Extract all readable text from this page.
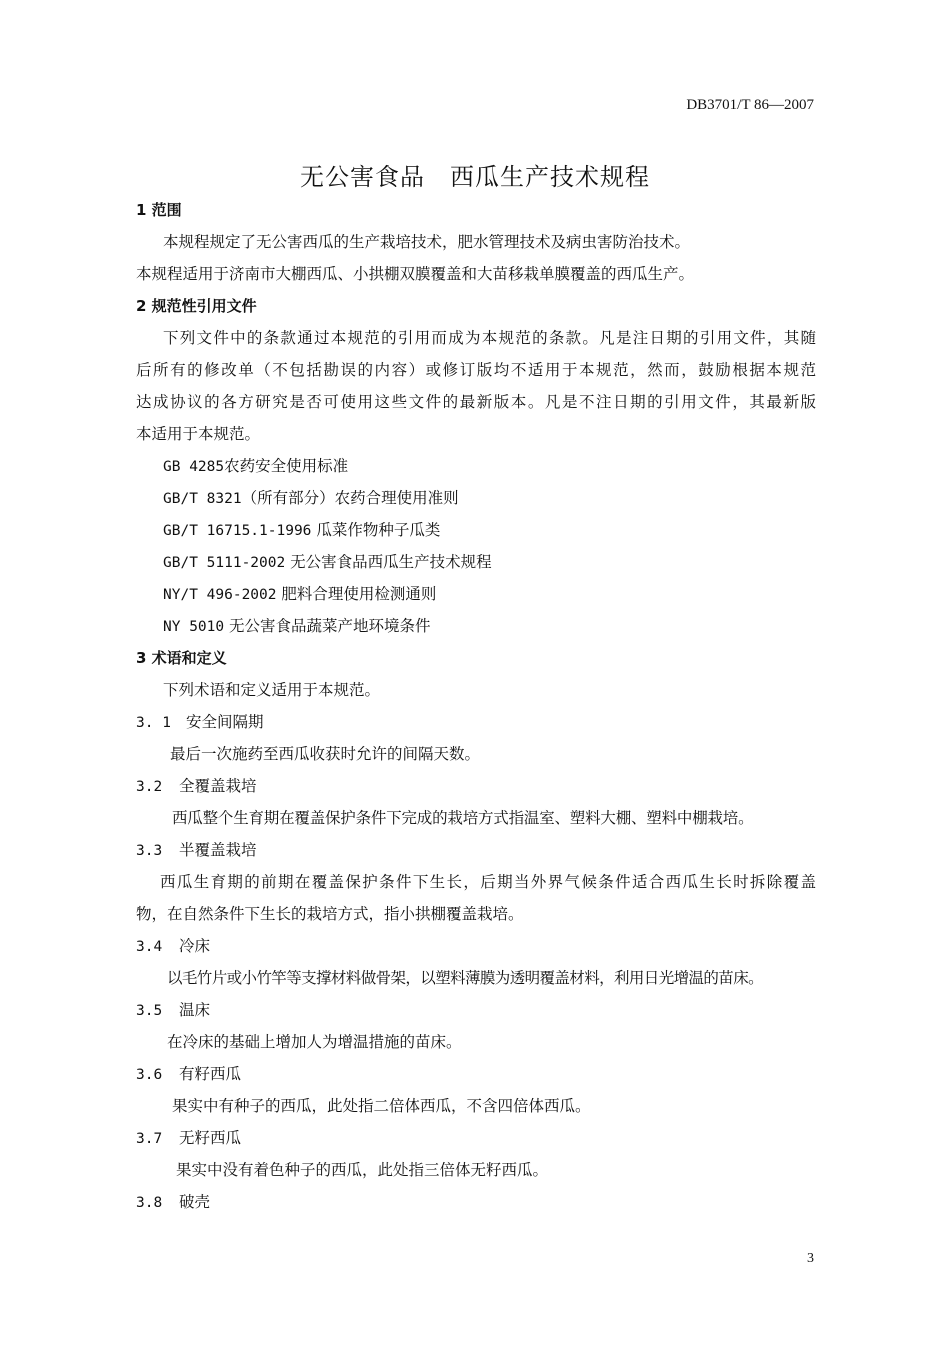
DB3701/T 86—2007
无公害食品　西瓜生产技术规程
1 范围
本规程规定了无公害西瓜的生产栽培技术，肥水管理技术及病虫害防治技术。
本规程适用于济南市大棚西瓜、小拱棚双膜覆盖和大苗移栽单膜覆盖的西瓜生产。
2 规范性引用文件
下列文件中的条款通过本规范的引用而成为本规范的条款。凡是注日期的引用文件，其随
后所有的修改单（不包括勘误的内容）或修订版均不适用于本规范，然而，鼓励根据本规范
达成协议的各方研究是否可使用这些文件的最新版本。凡是不注日期的引用文件，其最新版
本适用于本规范。
GB 4285农药安全使用标准
GB/T 8321（所有部分）农药合理使用准则
GB/T 16715.1-1996 瓜菜作物种子瓜类
GB/T 5111-2002 无公害食品西瓜生产技术规程
NY/T 496-2002 肥料合理使用检测通则
NY 5010 无公害食品蔬菜产地环境条件
3 术语和定义
下列术语和定义适用于本规范。
3. 1 安全间隔期
最后一次施药至西瓜收获时允许的间隔天数。
3.2 全覆盖栽培
西瓜整个生育期在覆盖保护条件下完成的栽培方式指温室、塑料大棚、塑料中棚栽培。
3.3 半覆盖栽培
西瓜生育期的前期在覆盖保护条件下生长，后期当外界气候条件适合西瓜生长时拆除覆盖
物，在自然条件下生长的栽培方式，指小拱棚覆盖栽培。
3.4 冷床
以毛竹片或小竹竿等支撑材料做骨架，以塑料薄膜为透明覆盖材料，利用日光增温的苗床。
3.5 温床
在冷床的基础上增加人为增温措施的苗床。
3.6 有籽西瓜
果实中有种子的西瓜，此处指二倍体西瓜，不含四倍体西瓜。
3.7 无籽西瓜
果实中没有着色种子的西瓜，此处指三倍体无籽西瓜。
3.8 破壳
3
